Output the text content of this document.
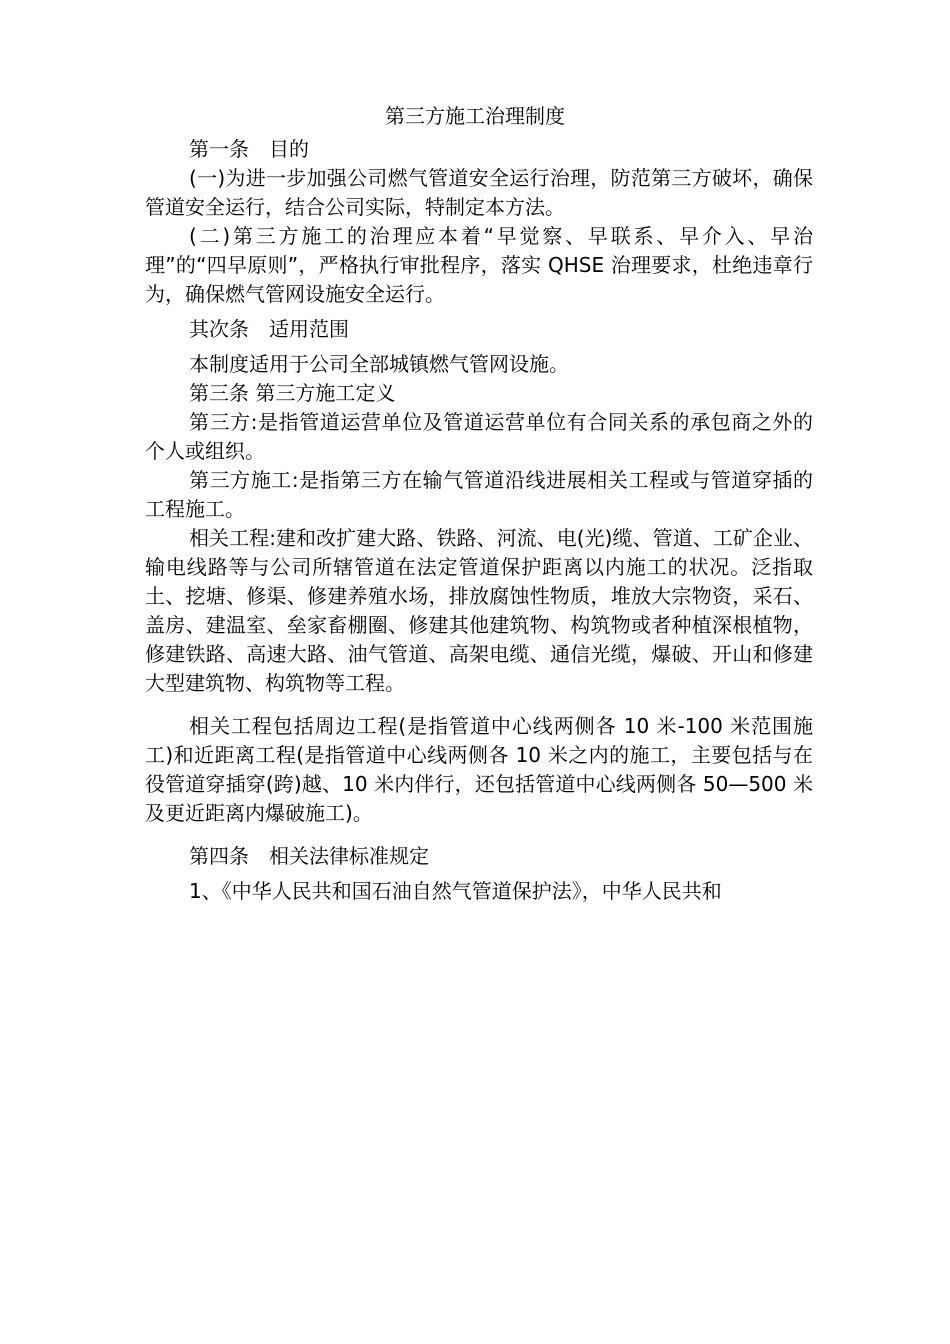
第三方施工治理制度

第一条　目的

(一)为进一步加强公司燃气管道安全运行治理，防范第三方破坏，确保管道安全运行，结合公司实际，特制定本方法。

(二)第三方施工的治理应本着“早觉察、早联系、早介入、早治理”的“四早原则”，严格执行审批程序，落实 QHSE 治理要求，杜绝违章行为，确保燃气管网设施安全运行。

其次条　适用范围

本制度适用于公司全部城镇燃气管网设施。

第三条 第三方施工定义

第三方:是指管道运营单位及管道运营单位有合同关系的承包商之外的个人或组织。

第三方施工:是指第三方在输气管道沿线进展相关工程或与管道穿插的工程施工。

相关工程:建和改扩建大路、铁路、河流、电(光)缆、管道、工矿企业、输电线路等与公司所辖管道在法定管道保护距离以内施工的状况。泛指取土、挖塘、修渠、修建养殖水场，排放腐蚀性物质，堆放大宗物资，采石、盖房、建温室、垒家畜棚圈、修建其他建筑物、构筑物或者种植深根植物，修建铁路、高速大路、油气管道、高架电缆、通信光缆，爆破、开山和修建大型建筑物、构筑物等工程。

相关工程包括周边工程(是指管道中心线两侧各 10 米-100 米范围施工)和近距离工程(是指管道中心线两侧各 10 米之内的施工，主要包括与在役管道穿插穿(跨)越、10 米内伴行，还包括管道中心线两侧各 50—500 米及更近距离内爆破施工)。

第四条　相关法律标准规定

1、《中华人民共和国石油自然气管道保护法》，中华人民共和
